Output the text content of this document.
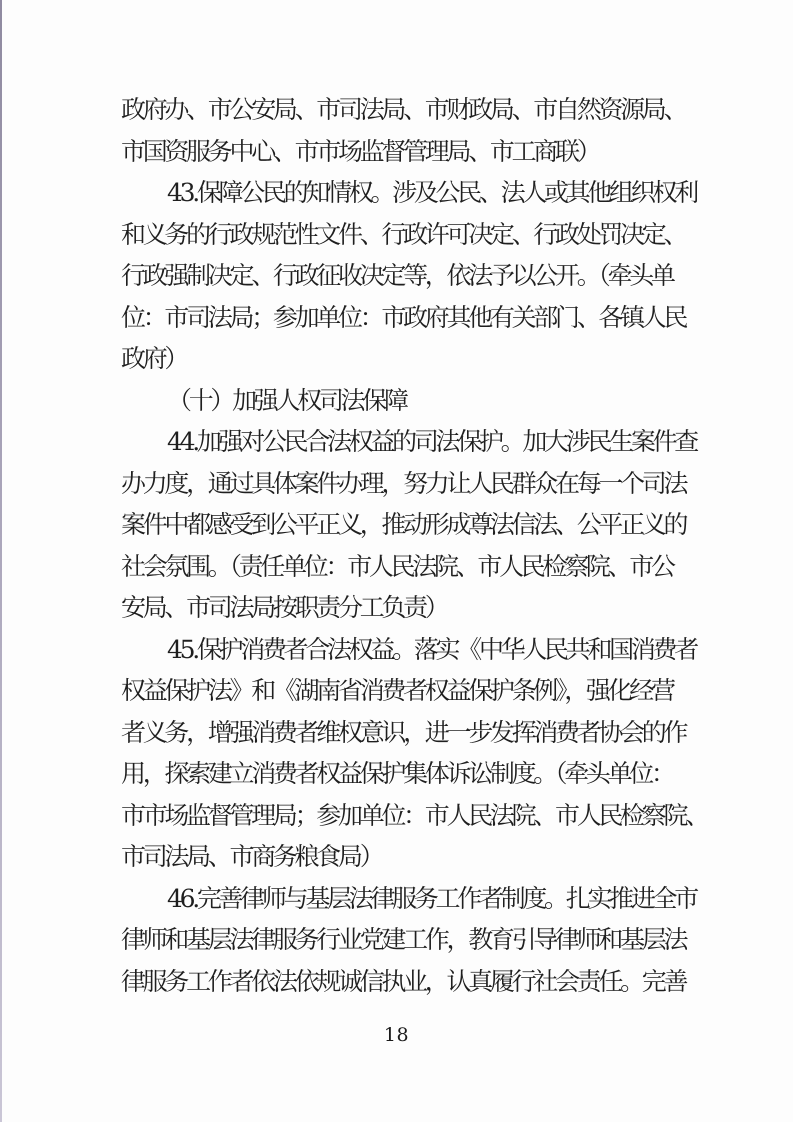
政府办、市公安局、市司法局、市财政局、市自然资源局、
市国资服务中心、市市场监督管理局、市工商联）
43.保障公民的知情权。涉及公民、法人或其他组织权利
和义务的行政规范性文件、行政许可决定、行政处罚决定、
行政强制决定、行政征收决定等，依法予以公开。（牵头单
位：市司法局；参加单位：市政府其他有关部门、各镇人民
政府）
（十）加强人权司法保障
44.加强对公民合法权益的司法保护。加大涉民生案件查
办力度，通过具体案件办理，努力让人民群众在每一个司法
案件中都感受到公平正义，推动形成尊法信法、公平正义的
社会氛围。（责任单位：市人民法院、市人民检察院、市公
安局、市司法局按职责分工负责）
45.保护消费者合法权益。落实《中华人民共和国消费者
权益保护法》和《湖南省消费者权益保护条例》，强化经营
者义务，增强消费者维权意识，进一步发挥消费者协会的作
用，探索建立消费者权益保护集体诉讼制度。（牵头单位：
市市场监督管理局；参加单位：市人民法院、市人民检察院、
市司法局、市商务粮食局）
46.完善律师与基层法律服务工作者制度。扎实推进全市
律师和基层法律服务行业党建工作，教育引导律师和基层法
律服务工作者依法依规诚信执业，认真履行社会责任。完善
18
